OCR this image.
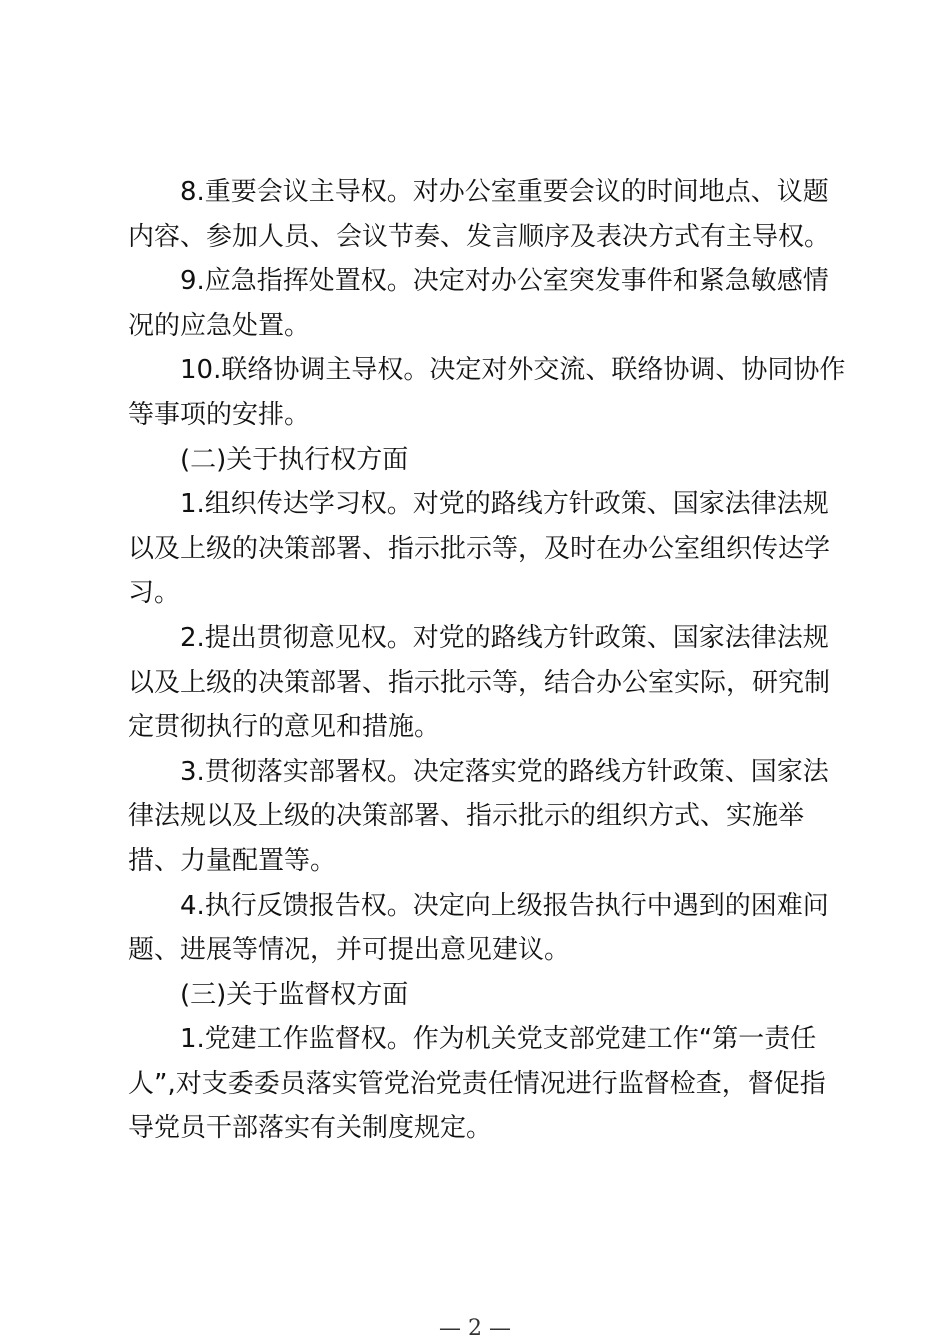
8.重要会议主导权。对办公室重要会议的时间地点、议题
内容、参加人员、会议节奏、发言顺序及表决方式有主导权。

9.应急指挥处置权。决定对办公室突发事件和紧急敏感情
况的应急处置。

10.联络协调主导权。决定对外交流、联络协调、协同协作
等事项的安排。

(二)关于执行权方面

1.组织传达学习权。对党的路线方针政策、国家法律法规
以及上级的决策部署、指示批示等，及时在办公室组织传达学
习。

2.提出贯彻意见权。对党的路线方针政策、国家法律法规
以及上级的决策部署、指示批示等，结合办公室实际，研究制
定贯彻执行的意见和措施。

3.贯彻落实部署权。决定落实党的路线方针政策、国家法
律法规以及上级的决策部署、指示批示的组织方式、实施举
措、力量配置等。

4.执行反馈报告权。决定向上级报告执行中遇到的困难问
题、进展等情况，并可提出意见建议。

(三)关于监督权方面

1.党建工作监督权。作为机关党支部党建工作“第一责任
人”,对支委委员落实管党治党责任情况进行监督检查，督促指
导党员干部落实有关制度规定。

— 2 —
